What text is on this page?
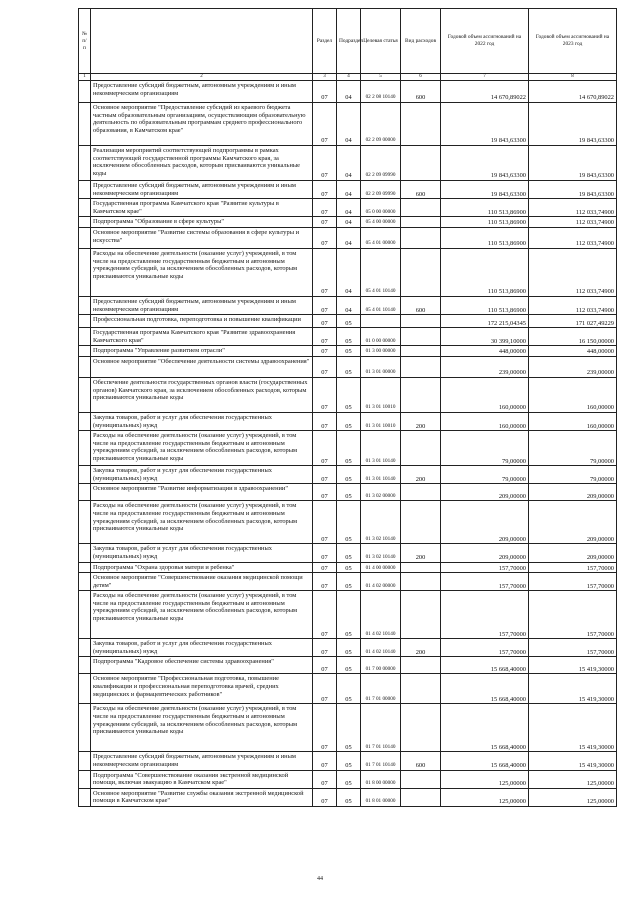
№ п/п	Наименование	Раздел	Подраздел	Целевая статья	Вид расходов	Годовой объем ассигнований на 2022 год	Годовой объем ассигнований на 2023 год
1	2	3	4	5	6	7	8
	Предоставление субсидий бюджетным, автономным учреждениям и иным некоммерческим организациям	07	04	02 2 08 10140	600	14 670,89022	14 670,89022
	Основное мероприятие "Предоставление субсидий из краевого бюджета частным образовательным организациям, осуществляющим образовательную деятельность по образовательным программам среднего профессионального образования, в Камчатском крае"	07	04	02 2 09 00000		19 843,63300	19 843,63300
	Реализация мероприятий соответствующей подпрограммы в рамках соответствующей государственной программы Камчатского края, за исключением обособленных расходов, которым присваиваются уникальные коды	07	04	02 2 09 09990		19 843,63300	19 843,63300
	Предоставление субсидий бюджетным, автономным учреждениям и иным некоммерческим организациям	07	04	02 2 09 09990	600	19 843,63300	19 843,63300
	Государственная программа Камчатского края "Развитие культуры в Камчатском крае"	07	04	05 0 00 00000		110 513,86900	112 033,74900
	Подпрограмма "Образование в сфере культуры"	07	04	05 4 00 00000		110 513,86900	112 033,74900
	Основное мероприятие "Развитие системы образования в сфере культуры и искусства"	07	04	05 4 01 00000		110 513,86900	112 033,74900
	Расходы на обеспечение деятельности (оказание услуг) учреждений, в том числе на предоставление государственным бюджетным и автономным учреждениям субсидий, за исключением обособленных расходов, которым присваиваются уникальные коды	07	04	05 4 01 10140		110 513,86900	112 033,74900
	Предоставление субсидий бюджетным, автономным учреждениям и иным некоммерческим организациям	07	04	05 4 01 10140	600	110 513,86900	112 033,74900
	Профессиональная подготовка, переподготовка и повышение квалификации	07	05			172 215,04345	171 027,49229
	Государственная программа Камчатского края "Развитие здравоохранения Камчатского края"	07	05	01 0 00 00000		30 399,10000	16 150,00000
	Подпрограмма "Управление развитием отрасли"	07	05	01 3 00 00000		448,00000	448,00000
	Основное мероприятие "Обеспечение деятельности системы здравоохранения"	07	05	01 3 01 00000		239,00000	239,00000
	Обеспечение деятельности государственных органов власти (государственных органов) Камчатского края, за исключением обособленных расходов, которым присваиваются уникальные коды	07	05	01 3 01 10010		160,00000	160,00000
	Закупка товаров, работ и услуг для обеспечения государственных (муниципальных) нужд	07	05	01 3 01 10010	200	160,00000	160,00000
	Расходы на обеспечение деятельности (оказание услуг) учреждений, в том числе на предоставление государственным бюджетным и автономным учреждениям субсидий, за исключением обособленных расходов, которым присваиваются уникальные коды	07	05	01 3 01 10140		79,00000	79,00000
	Закупка товаров, работ и услуг для обеспечения государственных (муниципальных) нужд	07	05	01 3 01 10140	200	79,00000	79,00000
	Основное мероприятие "Развитие информатизации в здравоохранении"	07	05	01 3 02 00000		209,00000	209,00000
	Расходы на обеспечение деятельности (оказание услуг) учреждений, в том числе на предоставление государственным бюджетным и автономным учреждениям субсидий, за исключением обособленных расходов, которым присваиваются уникальные коды	07	05	01 3 02 10140		209,00000	209,00000
	Закупка товаров, работ и услуг для обеспечения государственных (муниципальных) нужд	07	05	01 3 02 10140	200	209,00000	209,00000
	Подпрограмма "Охрана здоровья матери и ребенка"	07	05	01 4 00 00000		157,70000	157,70000
	Основное мероприятие "Совершенствование оказания медицинской помощи детям"	07	05	01 4 02 00000		157,70000	157,70000
	Расходы на обеспечение деятельности (оказание услуг) учреждений, в том числе на предоставление государственным бюджетным и автономным учреждениям субсидий, за исключением обособленных расходов, которым присваиваются уникальные коды	07	05	01 4 02 10140		157,70000	157,70000
	Закупка товаров, работ и услуг для обеспечения государственных (муниципальных) нужд	07	05	01 4 02 10140	200	157,70000	157,70000
	Подпрограмма "Кадровое обеспечение системы здравоохранения"	07	05	01 7 00 00000		15 668,40000	15 419,30000
	Основное мероприятие "Профессиональная подготовка, повышение квалификации и профессиональная переподготовка врачей, средних медицинских и фармацевтических работников"	07	05	01 7 01 00000		15 668,40000	15 419,30000
	Расходы на обеспечение деятельности (оказание услуг) учреждений, в том числе на предоставление государственным бюджетным и автономным учреждениям субсидий, за исключением обособленных расходов, которым присваиваются уникальные коды	07	05	01 7 01 10140		15 668,40000	15 419,30000
	Предоставление субсидий бюджетным, автономным учреждениям и иным некоммерческим организациям	07	05	01 7 01 10140	600	15 668,40000	15 419,30000
	Подпрограмма "Совершенствование оказания экстренной медицинской помощи, включая эвакуацию в Камчатском крае"	07	05	01 8 00 00000		125,00000	125,00000
	Основное мероприятие "Развитие службы оказания экстренной медицинской помощи в Камчатском крае"	07	05	01 8 01 00000		125,00000	125,00000
44
